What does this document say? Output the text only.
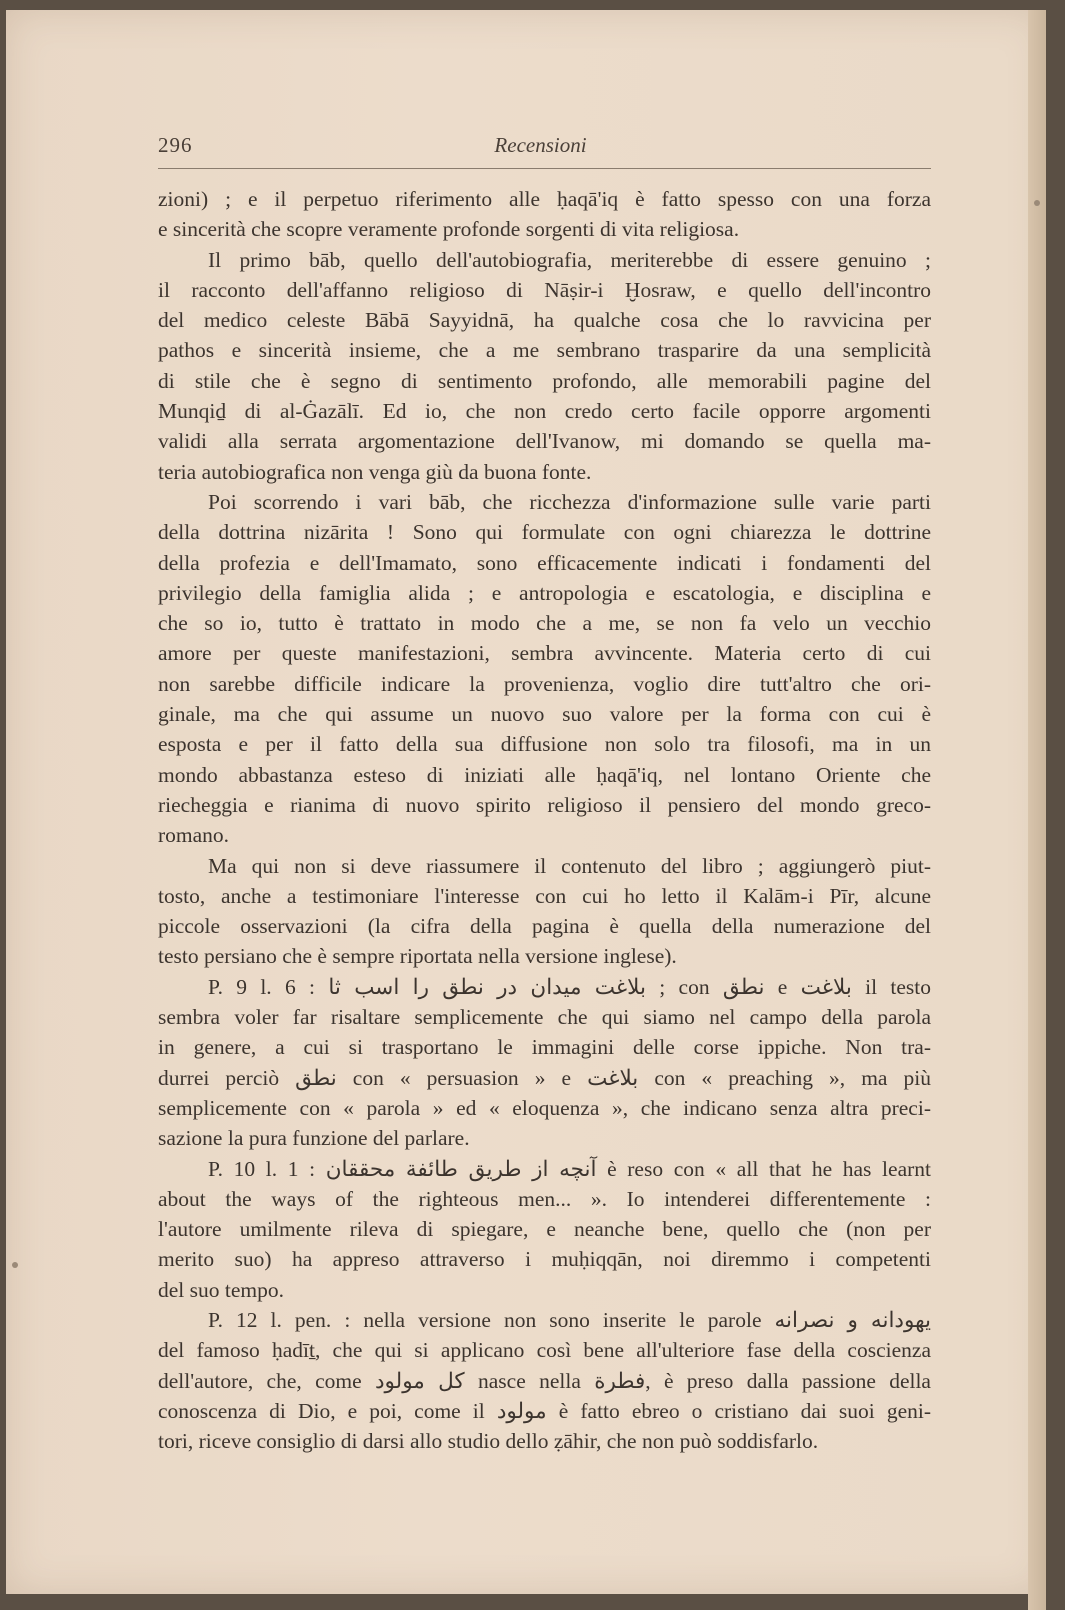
296	Recensioni
zioni) ; e il perpetuo riferimento alle ḥaqā'iq è fatto spesso con una forza
e sincerità che scopre veramente profonde sorgenti di vita religiosa.
Il primo bāb, quello dell'autobiografia, meriterebbe di essere genuino ;
il racconto dell'affanno religioso di Nāṣir-i Ḫosraw, e quello dell'incontro
del medico celeste Bābā Sayyidnā, ha qualche cosa che lo ravvicina per
pathos e sincerità insieme, che a me sembrano trasparire da una semplicità
di stile che è segno di sentimento profondo, alle memorabili pagine del
Munqiḏ di al-Ġazālī. Ed io, che non credo certo facile opporre argomenti
validi alla serrata argomentazione dell'Ivanow, mi domando se quella ma-
teria autobiografica non venga giù da buona fonte.
Poi scorrendo i vari bāb, che ricchezza d'informazione sulle varie parti
della dottrina nizārita ! Sono qui formulate con ogni chiarezza le dottrine
della profezia e dell'Imamato, sono efficacemente indicati i fondamenti del
privilegio della famiglia alida ; e antropologia e escatologia, e disciplina e
che so io, tutto è trattato in modo che a me, se non fa velo un vecchio
amore per queste manifestazioni, sembra avvincente. Materia certo di cui
non sarebbe difficile indicare la provenienza, voglio dire tutt'altro che ori-
ginale, ma che qui assume un nuovo suo valore per la forma con cui è
esposta e per il fatto della sua diffusione non solo tra filosofi, ma in un
mondo abbastanza esteso di iniziati alle ḥaqā'iq, nel lontano Oriente che
riecheggia e rianima di nuovo spirito religioso il pensiero del mondo greco-
romano.
Ma qui non si deve riassumere il contenuto del libro ; aggiungerò piut-
tosto, anche a testimoniare l'interesse con cui ho letto il Kalām-i Pīr, alcune
piccole osservazioni (la cifra della pagina è quella della numerazione del
testo persiano che è sempre riportata nella versione inglese).
P. 9 l. 6 : بلاغت ميدان در نطق را اسب ثا ; con نطق e بلاغت il testo
sembra voler far risaltare semplicemente che qui siamo nel campo della parola
in genere, a cui si trasportano le immagini delle corse ippiche. Non tra-
durrei perciò نطق con « persuasion » e بلاغت con « preaching », ma più
semplicemente con « parola » ed « eloquenza », che indicano senza altra preci-
sazione la pura funzione del parlare.
P. 10 l. 1 : آنچه از طريق طائفة محققان è reso con « all that he has learnt
about the ways of the righteous men... ». Io intenderei differentemente :
l'autore umilmente rileva di spiegare, e neanche bene, quello che (non per
merito suo) ha appreso attraverso i muḥiqqān, noi diremmo i competenti
del suo tempo.
P. 12 l. pen. : nella versione non sono inserite le parole يهودانه و نصرانه
del famoso ḥadīṯ, che qui si applicano così bene all'ulteriore fase della coscienza
dell'autore, che, come كل مولود nasce nella فطرة, è preso dalla passione della
conoscenza di Dio, e poi, come il مولود è fatto ebreo o cristiano dai suoi geni-
tori, riceve consiglio di darsi allo studio dello ẓāhir, che non può soddisfarlo.
